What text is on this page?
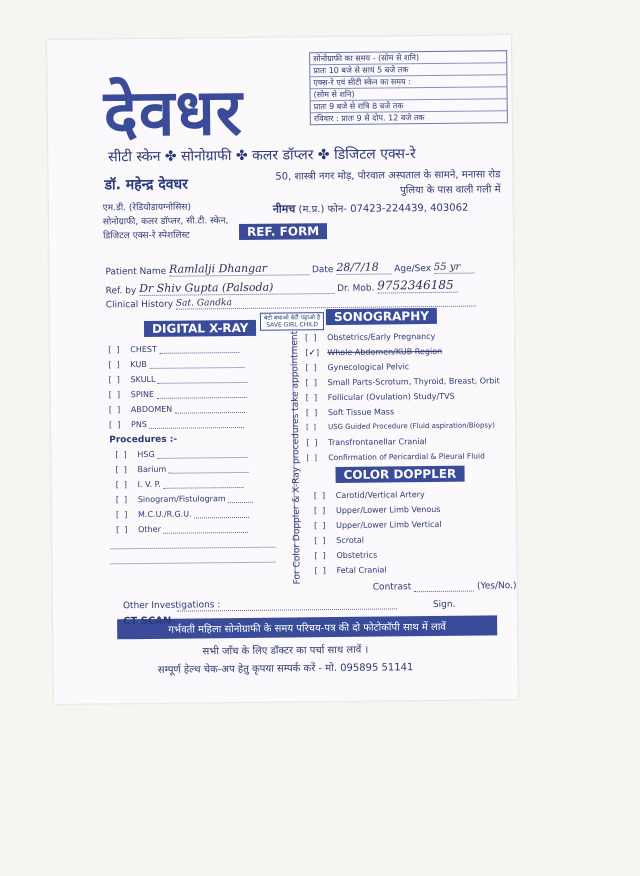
देवधर
सोनोग्राफी का समय - (सोम से शनि)
प्रातः 10 बजे से सायं 5 बजे तक
एक्स-रे एवं सीटी स्केन का समय :
(सोम से शनि)
प्रातः 9 बजे से रात्रि 8 बजे तक
रविवार : प्रातः 9 से दोप. 12 बजे तक
सीटी स्केन ✤ सोनोग्राफी ✤ कलर डॉप्लर ✤ डिजिटल एक्स-रे
डॉ. महेन्द्र देवधर
एम.डी. (रेडियोडायग्नोसिस)
सोनोग्राफी, कलर डॉप्लर, सी.टी. स्केन,
डिजिटल एक्स-रे स्पेशलिस्ट
50, शास्त्री नगर मोड़, पोरवाल अस्पताल के सामने, मनासा रोड पुलिया के पास वाली गली में
नीमच (म.प्र.) फोन- 07423-224439, 403062
REF. FORM
Patient Name Ramlalji Dhangar	Date 28/7/18 Age/Sex 55 yr
Ref. by Dr Shiv Gupta (Palsoda)	Dr. Mob. 9752346185
Clinical History Sat. Gandka
DIGITAL X-RAY
बेटी बचाओ बेटी पढ़ाओ है
SAVE GIRL CHILD
SONOGRAPHY
For Color Doppler & X-Ray procedures take appointment
[  ] CHEST
[  ] KUB
[  ] SKULL
[  ] SPINE
[  ] ABDOMEN
[  ] PNS
Procedures :-
[  ] HSG
[  ] Barium
[  ] I. V. P.
[  ] Sinogram/Fistulogram
[  ] M.C.U./R.G.U.
[  ] Other
[  ] Obstetrics/Early Pregnancy
[✓] Whole Abdomen/KUB Region
[  ] Gynecological Pelvic
[  ] Small Parts-Scrotum, Thyroid, Breast, Orbit
[  ] Follicular (Ovulation) Study/TVS
[  ] Soft Tissue Mass
[  ] USG Guided Procedure (Fluid aspiration/Biopsy)
[  ] Transfrontanellar Cranial
[  ] Confirmation of Pericardial & Pleural Fluid
COLOR DOPPLER
[  ] Carotid/Vertical Artery
[  ] Upper/Lower Limb Venous
[  ] Upper/Lower Limb Vertical
[  ] Scrotal
[  ] Obstetrics
[  ] Fetal Cranial
Contrast	(Yes/No.)
Other Investigations :	Sign.
CT SCAN
गर्भवती महिला सोनोग्राफी के समय परिचय-पत्र की दो फोटोकॉपी साथ में लावें
सभी जाँच के लिए डॉक्टर का पर्चा साथ लावें ।
सम्पूर्ण हेल्थ चेक-अप हेतु कृपया सम्पर्क करें - मो. 095895 51141
